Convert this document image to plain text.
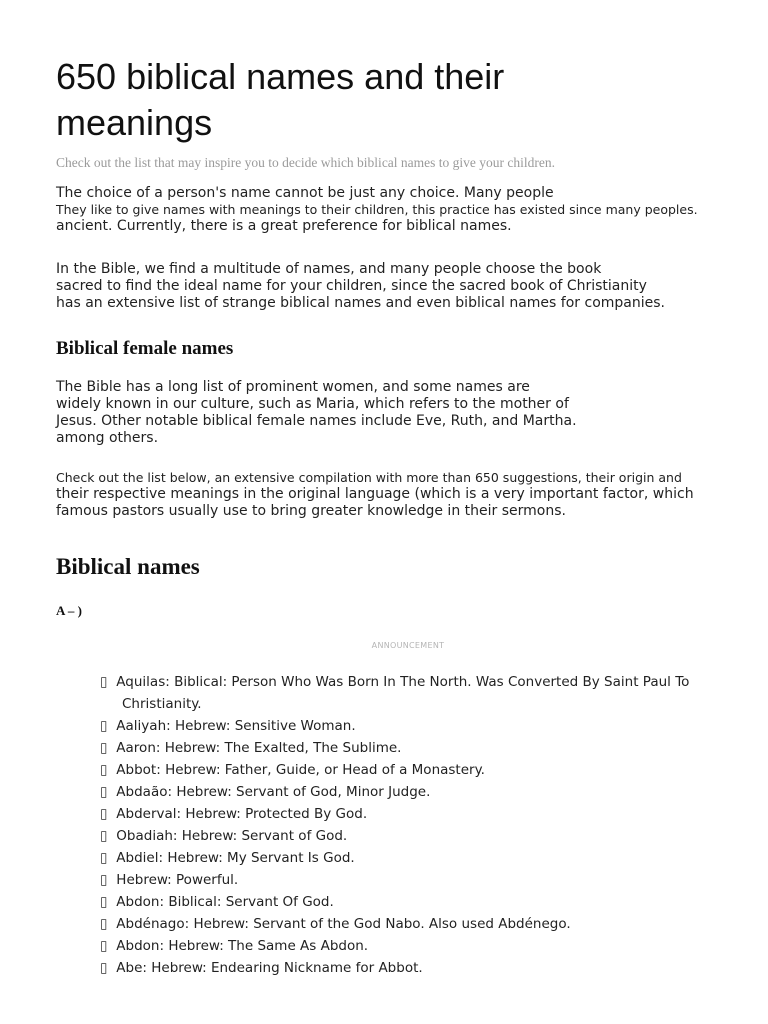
650 biblical names and their meanings

Check out the list that may inspire you to decide which biblical names to give your children.

The choice of a person's name cannot be just any choice. Many people
They like to give names with meanings to their children, this practice has existed since many peoples.
ancient. Currently, there is a great preference for biblical names.

In the Bible, we find a multitude of names, and many people choose the book
sacred to find the ideal name for your children, since the sacred book of Christianity
has an extensive list of strange biblical names and even biblical names for companies.

Biblical female names

The Bible has a long list of prominent women, and some names are
widely known in our culture, such as Maria, which refers to the mother of
Jesus. Other notable biblical female names include Eve, Ruth, and Martha.
among others.

Check out the list below, an extensive compilation with more than 650 suggestions, their origin and
their respective meanings in the original language (which is a very important factor, which
famous pastors usually use to bring greater knowledge in their sermons.

Biblical names

A – )

ANNOUNCEMENT
▯ Aquilas: Biblical: Person Who Was Born In The North. Was Converted By Saint Paul To
Christianity.
▯ Aaliyah: Hebrew: Sensitive Woman.
▯ Aaron: Hebrew: The Exalted, The Sublime.
▯ Abbot: Hebrew: Father, Guide, or Head of a Monastery.
▯ Abdaão: Hebrew: Servant of God, Minor Judge.
▯ Abderval: Hebrew: Protected By God.
▯ Obadiah: Hebrew: Servant of God.
▯ Abdiel: Hebrew: My Servant Is God.
▯ Hebrew: Powerful.
▯ Abdon: Biblical: Servant Of God.
▯ Abdénago: Hebrew: Servant of the God Nabo. Also used Abdénego.
▯ Abdon: Hebrew: The Same As Abdon.
▯ Abe: Hebrew: Endearing Nickname for Abbot.
